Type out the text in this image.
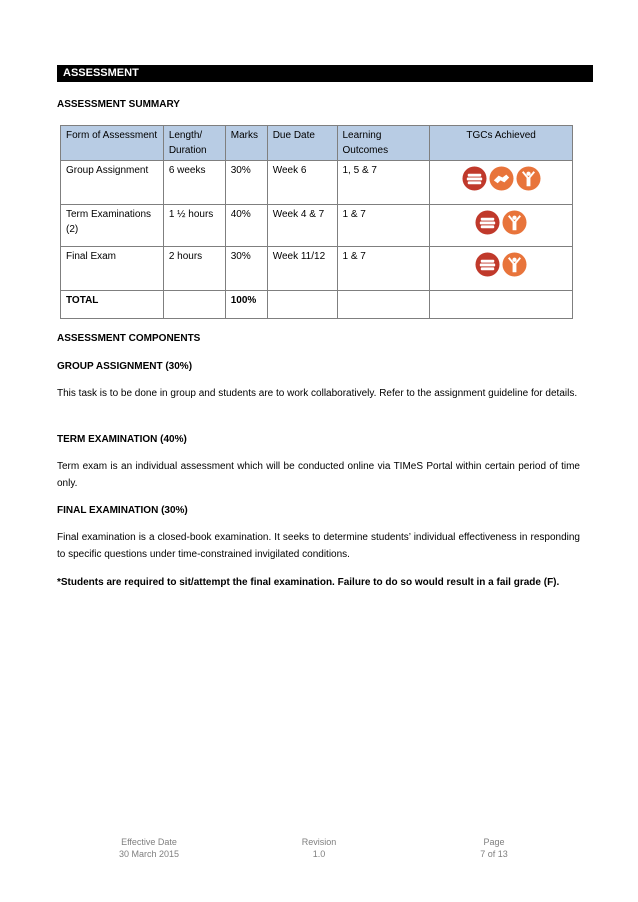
ASSESSMENT
ASSESSMENT SUMMARY
Form of Assessment	Length/ Duration	Marks	Due Date	Learning Outcomes	TGCs Achieved
Group Assignment	6 weeks	30%	Week 6	1, 5 & 7	

Term Examinations (2)	1 ½ hours	40%	Week 4 & 7	1 & 7	

Final Exam	2 hours	30%	Week 11/12	1 & 7	

TOTAL		100%			
ASSESSMENT COMPONENTS
GROUP ASSIGNMENT (30%)
This task is to be done in group and students are to work collaboratively. Refer to the assignment guideline for details.
TERM EXAMINATION (40%)
Term exam is an individual assessment which will be conducted online via TIMeS Portal within certain period of time only.
FINAL EXAMINATION (30%)
Final examination is a closed-book examination. It seeks to determine students’ individual effectiveness in responding to specific questions under time-constrained invigilated conditions.
*Students are required to sit/attempt the final examination. Failure to do so would result in a fail grade (F).
Effective Date
30 March 2015
Revision
1.0
Page
7 of 13
